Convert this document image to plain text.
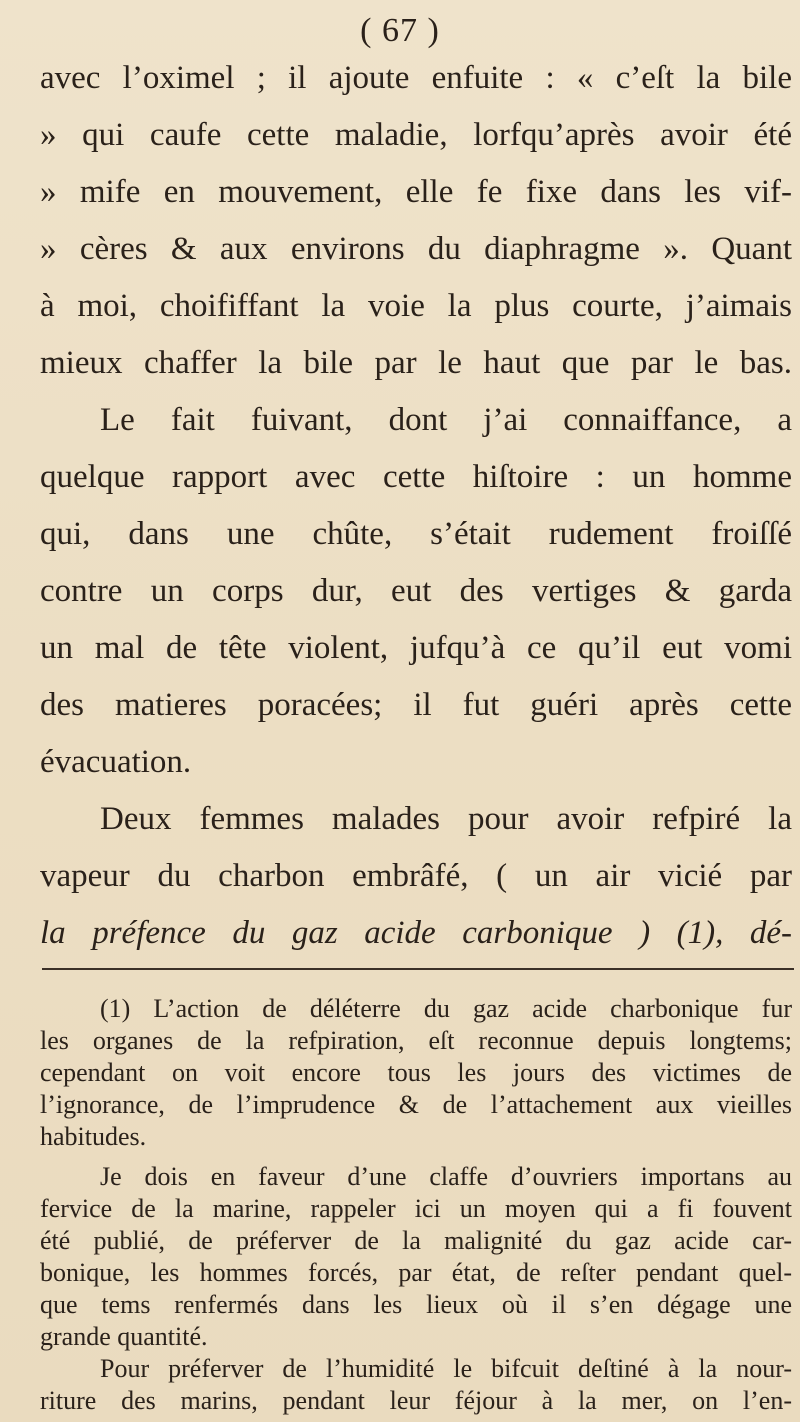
( 67 )
avec l’oximel ; il ajoute enfuite : « c’eſt la bile
» qui caufe cette maladie, lorfqu’après avoir été
» mife en mouvement, elle fe fixe dans les vif-
» cères & aux environs du diaphragme ». Quant
à moi, choififfant la voie la plus courte, j’aimais
mieux chaffer la bile par le haut que par le bas.
Le fait fuivant, dont j’ai connaiffance, a
quelque rapport avec cette hiſtoire : un homme
qui, dans une chûte, s’était rudement froiſſé
contre un corps dur, eut des vertiges & garda
un mal de tête violent, jufqu’à ce qu’il eut vomi
des matieres poracées; il fut guéri après cette
évacuation.
Deux femmes malades pour avoir refpiré la
vapeur du charbon embrâfé, ( un air vicié par
la préfence du gaz acide carbonique ) (1), dé-
(1) L’action de déléterre du gaz acide charbonique fur
les organes de la refpiration, eſt reconnue depuis longtems;
cependant on voit encore tous les jours des victimes de
l’ignorance, de l’imprudence & de l’attachement aux vieilles
habitudes.
Je dois en faveur d’une claffe d’ouvriers importans au
fervice de la marine, rappeler ici un moyen qui a fi fouvent
été publié, de préferver de la malignité du gaz acide car-
bonique, les hommes forcés, par état, de reſter pendant quel-
que tems renfermés dans les lieux où il s’en dégage une
grande quantité.
Pour préferver de l’humidité le bifcuit deſtiné à la nour-
riture des marins, pendant leur féjour à la mer, on l’en-
